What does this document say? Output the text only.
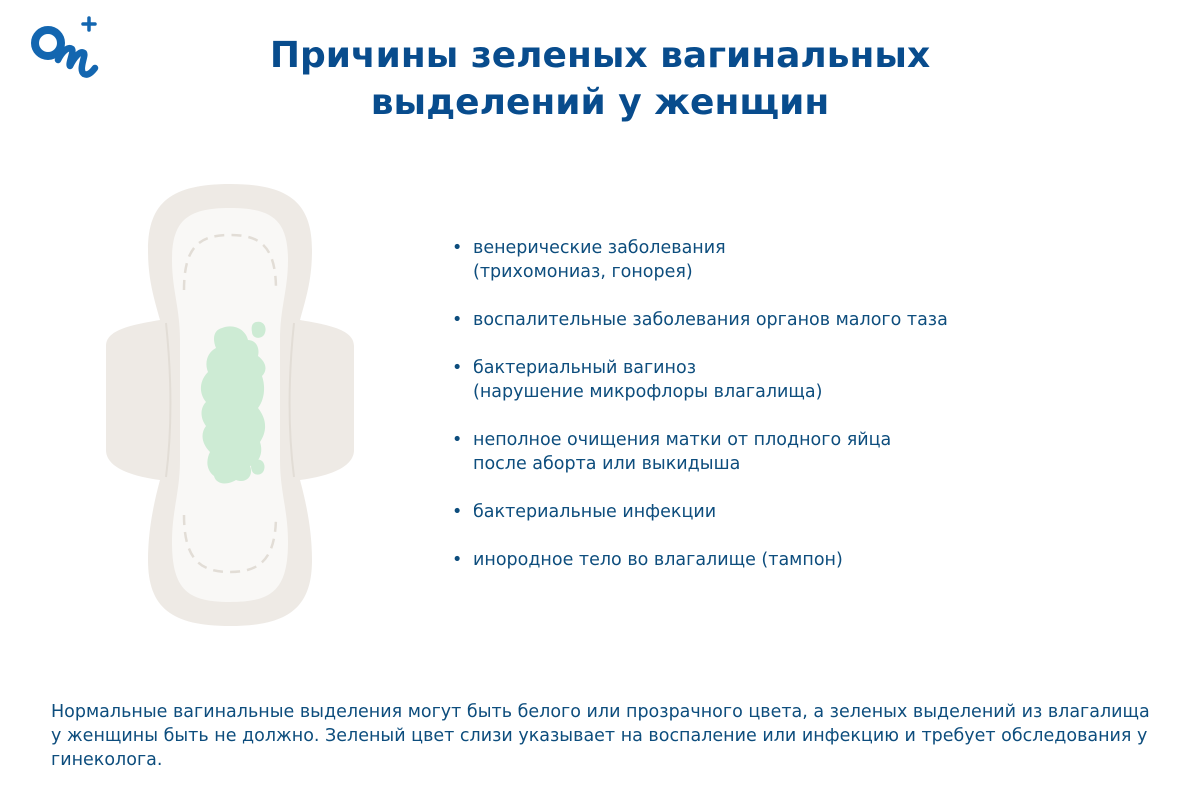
Причины зеленых вагинальных
выделений у женщин
• венерические заболевания
(трихомониаз, гонорея)
• воспалительные заболевания органов малого таза
• бактериальный вагиноз
(нарушение микрофлоры влагалища)
• неполное очищения матки от плодного яйца
после аборта или выкидыша
• бактериальные инфекции
• инородное тело во влагалище (тампон)

Нормальные вагинальные выделения могут быть белого или прозрачного цвета, а зеленых выделений из влагалища у женщины быть не должно. Зеленый цвет слизи указывает на воспаление или инфекцию и требует обследования у гинеколога.
